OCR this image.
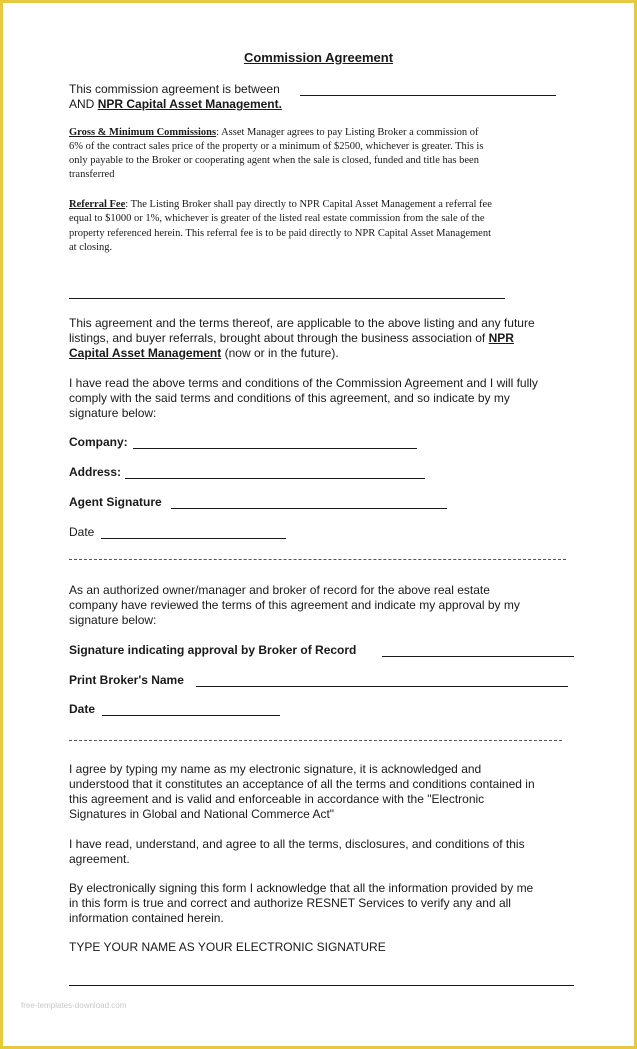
Commission Agreement
This commission agreement is between
AND NPR Capital Asset Management.
Gross & Minimum Commissions: Asset Manager agrees to pay Listing Broker a commission of
6% of the contract sales price of the property or a minimum of $2500, whichever is greater. This is
only payable to the Broker or cooperating agent when the sale is closed, funded and title has been
transferred
Referral Fee: The Listing Broker shall pay directly to NPR Capital Asset Management a referral fee
equal to $1000 or 1%, whichever is greater of the listed real estate commission from the sale of the
property referenced herein. This referral fee is to be paid directly to NPR Capital Asset Management
at closing.
This agreement and the terms thereof, are applicable to the above listing and any future
listings, and buyer referrals, brought about through the business association of NPR
Capital Asset Management (now or in the future).
I have read the above terms and conditions of the Commission Agreement and I will fully
comply with the said terms and conditions of this agreement, and so indicate by my
signature below:
Company:
Address:
Agent Signature
Date
As an authorized owner/manager and broker of record for the above real estate
company have reviewed the terms of this agreement and indicate my approval by my
signature below:
Signature indicating approval by Broker of Record
Print Broker's Name
Date
I agree by typing my name as my electronic signature, it is acknowledged and
understood that it constitutes an acceptance of all the terms and conditions contained in
this agreement and is valid and enforceable in accordance with the "Electronic
Signatures in Global and National Commerce Act"
I have read, understand, and agree to all the terms, disclosures, and conditions of this
agreement.
By electronically signing this form I acknowledge that all the information provided by me
in this form is true and correct and authorize RESNET Services to verify any and all
information contained herein.
TYPE YOUR NAME AS YOUR ELECTRONIC SIGNATURE
free-templates-download.com
